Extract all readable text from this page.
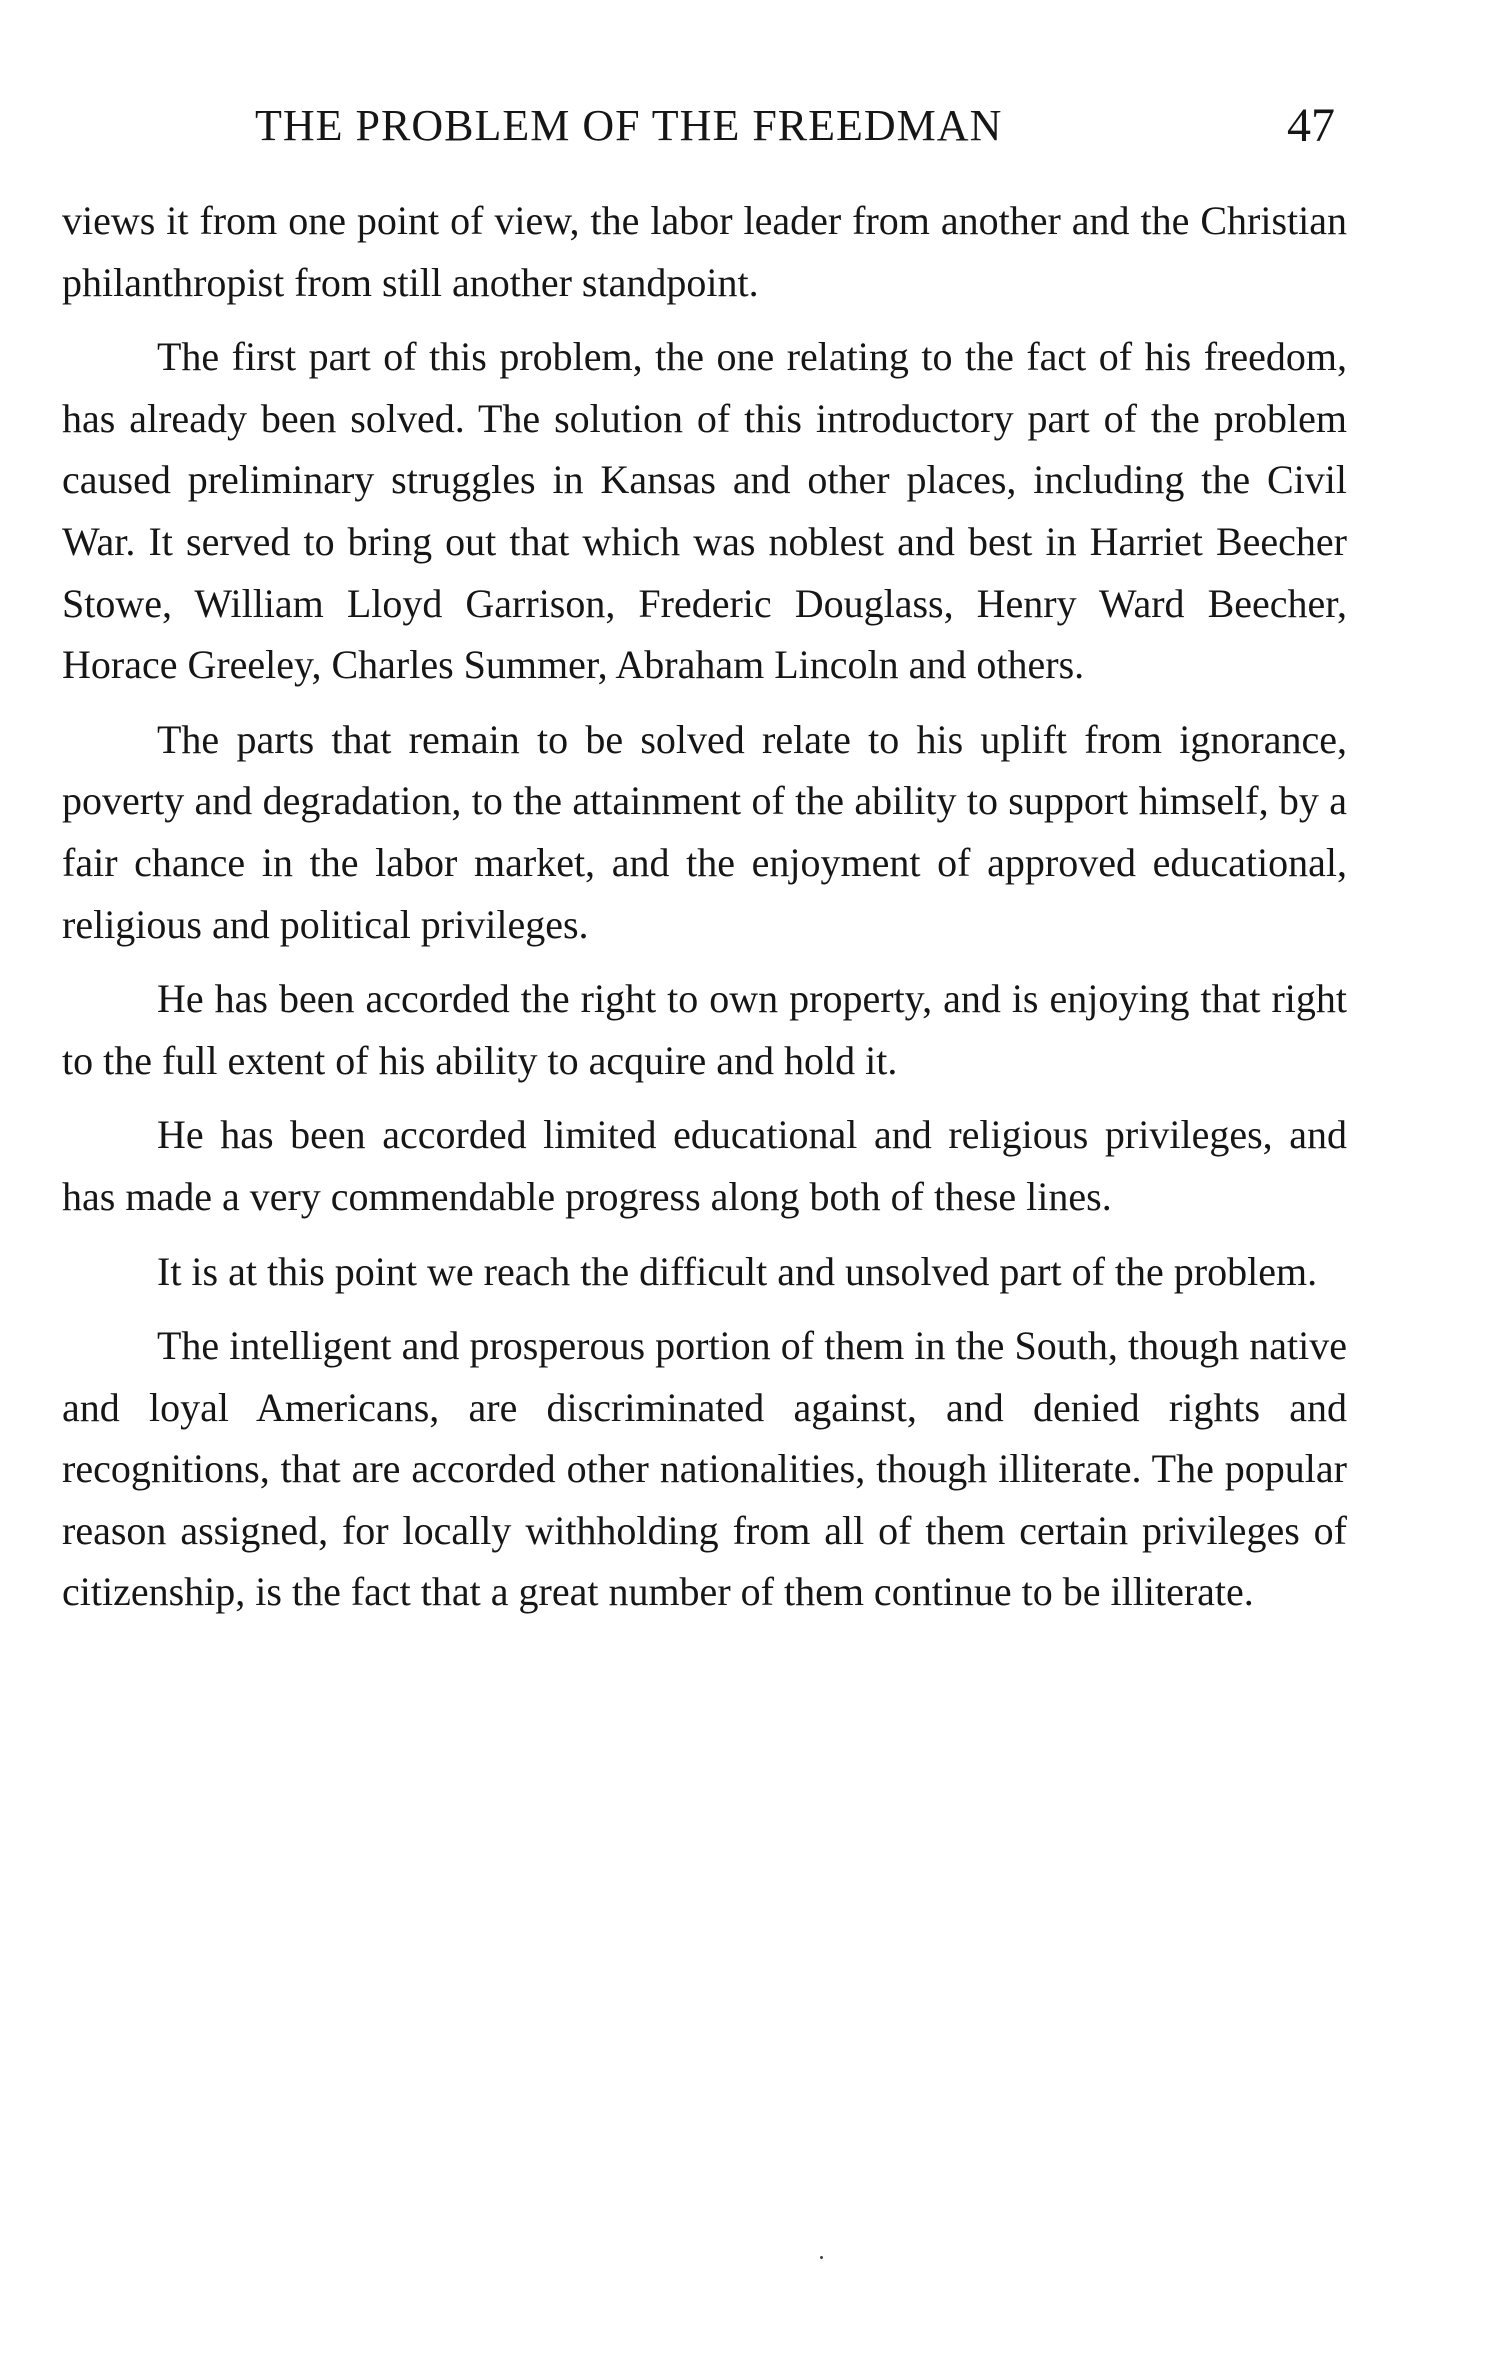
THE PROBLEM OF THE FREEDMAN	47

views it from one point of view, the labor leader from another and the Christian philanthropist from still another standpoint.

The first part of this problem, the one relating to the fact of his freedom, has already been solved. The solution of this introductory part of the problem caused preliminary struggles in Kansas and other places, including the Civil War. It served to bring out that which was noblest and best in Harriet Beecher Stowe, William Lloyd Garrison, Frederic Douglass, Henry Ward Beecher, Horace Greeley, Charles Summer, Abraham Lincoln and others.

The parts that remain to be solved relate to his uplift from ignorance, poverty and degradation, to the attainment of the ability to support himself, by a fair chance in the labor market, and the enjoyment of approved educational, religious and political privileges.

He has been accorded the right to own property, and is enjoying that right to the full extent of his ability to acquire and hold it.

He has been accorded limited educational and religious privileges, and has made a very commendable progress along both of these lines.

It is at this point we reach the difficult and unsolved part of the problem.

The intelligent and prosperous portion of them in the South, though native and loyal Americans, are discriminated against, and denied rights and recognitions, that are accorded other nationalities, though illiterate. The popular reason assigned, for locally withholding from all of them certain privileges of citizenship, is the fact that a great number of them continue to be illiterate.
